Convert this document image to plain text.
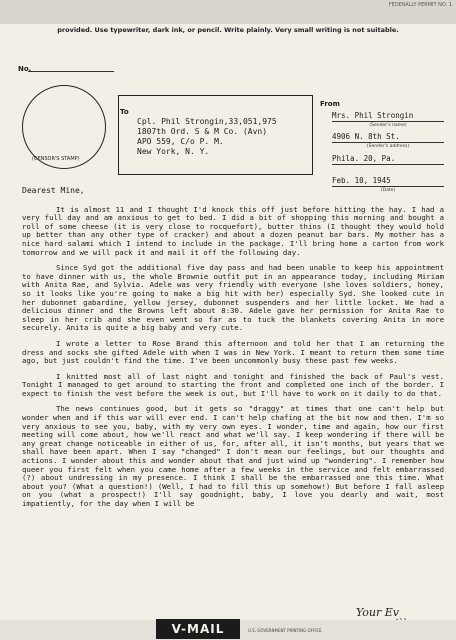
FEDERALLY PERMIT NO. 1
provided. Use typewriter, dark ink, or pencil. Write plainly. Very small writing is not suitable.
No.
(CENSOR'S STAMP)
To
Cpl. Phil Strongin,33,051,975
1807th Ord. S & M Co. (Avn)
APO 559, C/o P. M.
New York, N. Y.
From
Mrs. Phil Strongin
(Sender's name)
4906 N. 8th St.
(Sender's address)
Phila. 20, Pa.
Feb. 10, 1945
(Date)

Dearest Mine,

It is almost 11 and I thought I'd knock this off just before hitting the hay. I had a very full day and am anxious to get to bed. I did a bit of shopping this morning and bought a roll of some cheese (it is very close to rocquefort), butter thins (I thought they would hold up better than any other type of cracker) and about a dozen peanut bar bars. My mother has a nice hard salami which I intend to include in the package. I'll bring home a carton from work tomorrow and we will pack it and mail it off the following day.

Since Syd got the additional five day pass and had been unable to keep his appointment to have dinner with us, the whole Brownie outfit put in an appearance today, including Miriam with Anita Rae, and Sylvia. Adele was very friendly with everyone (she loves soldiers, honey, so it looks like you're going to make a big hit with her) especially Syd. She looked cute in her dubonnet gabardine, yellow jersey, dubonnet suspenders and her little locket. We had a delicious dinner and the Browns left about 8:30. Adele gave her permission for Anita Rae to sleep in her crib and she even went so far as to tuck the blankets covering Anita in more securely. Anita is quite a big baby and very cute.

I wrote a letter to Rose Brand this afternoon and told her that I am returning the dress and socks she gifted Adele with when I was in New York. I meant to return them some time ago, but just couldn't find the time. I've been uncommonly busy these past few weeks.

I knitted most all of last night and tonight and finished the back of Paul's vest. Tonight I managed to get around to starting the front and completed one inch of the border. I expect to finish the vest before the week is out, but I'll have to work on it daily to do that.

The news continues good, but it gets so "draggy" at times that one can't help but wonder when and if this war will ever end. I can't help chafing at the bit now and then. I'm so very anxious to see you, baby, with my very own eyes. I wonder, time and again, how our first meeting will come about, how we'll react and what we'll say. I keep wondering if there will be any great change noticeable in either of us, for, after all, it isn't months, but years that we shall have been apart. When I say "changed" I don't mean our feelings, but our thoughts and actions. I wonder about this and wonder about that and just wind up "wondering". I remember how queer you first felt when you came home after a few weeks in the service and felt embarrassed (?) about undressing in my presence. I think I shall be the embarrassed one this time. What about you? (What a question!) (Well, I had to fill this up somehow!) But before I fall asleep on you (what a prospect!) I'll say goodnight, baby, I love you dearly and wait, most impatiently, for the day when I will be

Your Ev
V-MAIL	U.S. GOVERNMENT PRINTING OFFICE
